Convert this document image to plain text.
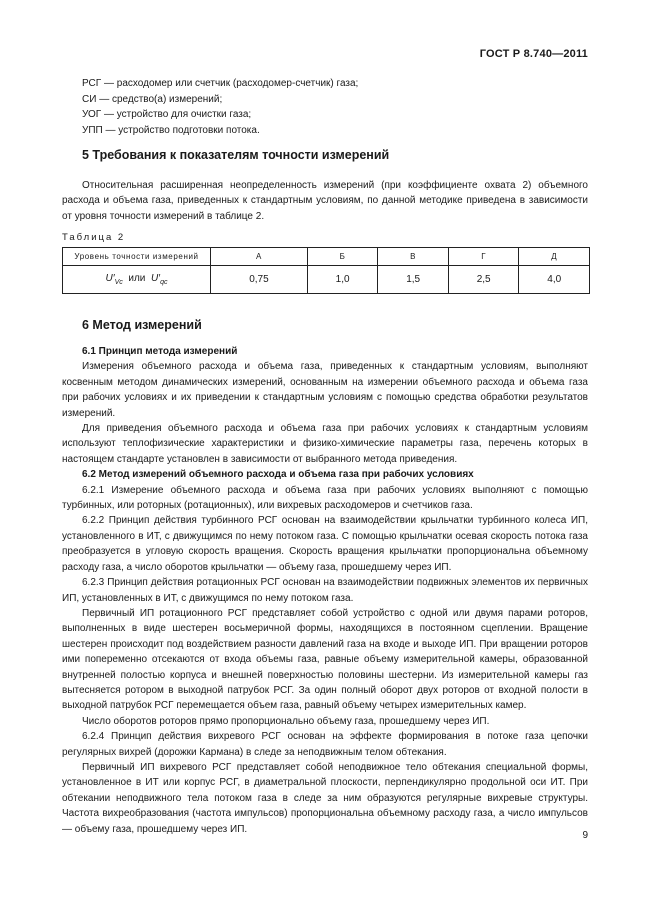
ГОСТ Р 8.740—2011
РСГ — расходомер или счетчик (расходомер-счетчик) газа;
СИ — средство(а) измерений;
УОГ — устройство для очистки газа;
УПП — устройство подготовки потока.
5 Требования к показателям точности измерений

Относительная расширенная неопределенность измерений (при коэффициенте охвата 2) объемного расхода и объема газа, приведенных к стандартным условиям, по данной методике приведена в зависимости от уровня точности измерений в таблице 2.

Таблица 2
Уровень точности измерений	А	Б	В	Г	Д
$U'_{Vc}$ или $U'_{qc}$	0,75	1,0	1,5	2,5	4,0
6 Метод измерений

6.1 Принцип метода измерений

Измерения объемного расхода и объема газа, приведенных к стандартным условиям, выполняют косвенным методом динамических измерений, основанным на измерении объемного расхода и объема газа при рабочих условиях и их приведении к стандартным условиям с помощью средства обработки результатов измерений.

Для приведения объемного расхода и объема газа при рабочих условиях к стандартным условиям используют теплофизические характеристики и физико-химические параметры газа, перечень которых в настоящем стандарте установлен в зависимости от выбранного метода приведения.

6.2 Метод измерений объемного расхода и объема газа при рабочих условиях

6.2.1 Измерение объемного расхода и объема газа при рабочих условиях выполняют с помощью турбинных, или роторных (ротационных), или вихревых расходомеров и счетчиков газа.

6.2.2 Принцип действия турбинного РСГ основан на взаимодействии крыльчатки турбинного колеса ИП, установленного в ИТ, с движущимся по нему потоком газа. С помощью крыльчатки осевая скорость потока газа преобразуется в угловую скорость вращения. Скорость вращения крыльчатки пропорциональна объемному расходу газа, а число оборотов крыльчатки — объему газа, прошедшему через ИП.

6.2.3 Принцип действия ротационных РСГ основан на взаимодействии подвижных элементов их первичных ИП, установленных в ИТ, с движущимся по нему потоком газа.

Первичный ИП ротационного РСГ представляет собой устройство с одной или двумя парами роторов, выполненных в виде шестерен восьмеричной формы, находящихся в постоянном сцеплении. Вращение шестерен происходит под воздействием разности давлений газа на входе и выходе ИП. При вращении роторов ими попеременно отсекаются от входа объемы газа, равные объему измерительной камеры, образованной внутренней полостью корпуса и внешней поверхностью половины шестерни. Из измерительной камеры газ вытесняется ротором в выходной патрубок РСГ. За один полный оборот двух роторов от входной полости в выходной патрубок РСГ перемещается объем газа, равный объему четырех измерительных камер.

Число оборотов роторов прямо пропорционально объему газа, прошедшему через ИП.

6.2.4 Принцип действия вихревого РСГ основан на эффекте формирования в потоке газа цепочки регулярных вихрей (дорожки Кармана) в следе за неподвижным телом обтекания.

Первичный ИП вихревого РСГ представляет собой неподвижное тело обтекания специальной формы, установленное в ИТ или корпус РСГ, в диаметральной плоскости, перпендикулярно продольной оси ИТ. При обтекании неподвижного тела потоком газа в следе за ним образуются регулярные вихревые структуры. Частота вихреобразования (частота импульсов) пропорциональна объемному расходу газа, а число импульсов — объему газа, прошедшему через ИП.

9
